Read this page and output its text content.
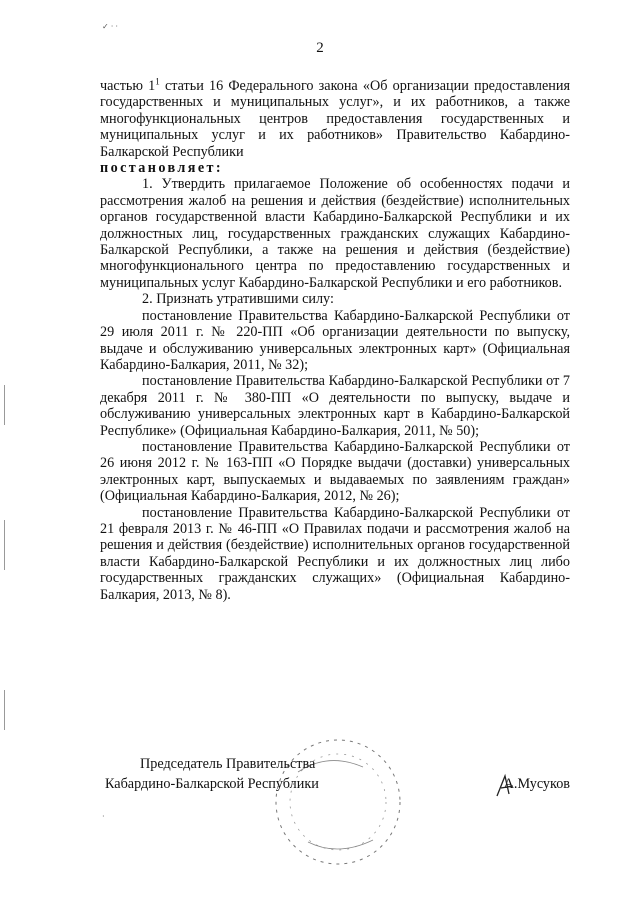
2

частью $1^1$ статьи 16 Федерального закона «Об организации предоставления государственных и муниципальных услуг», и их работников, а также многофункциональных центров предоставления государственных и муниципальных услуг и их работников» Правительство Кабардино-Балкарской Республики

постановляет:

1. Утвердить прилагаемое Положение об особенностях подачи и рассмотрения жалоб на решения и действия (бездействие) исполнительных органов государственной власти Кабардино-Балкарской Республики и их должностных лиц, государственных гражданских служащих Кабардино-Балкарской Республики, а также на решения и действия (бездействие) многофункционального центра по предоставлению государственных и муниципальных услуг Кабардино-Балкарской Республики и его работников.

2. Признать утратившими силу:

постановление Правительства Кабардино-Балкарской Республики от 29 июля 2011 г. № 220-ПП «Об организации деятельности по выпуску, выдаче и обслуживанию универсальных электронных карт» (Официальная Кабардино-Балкария, 2011, № 32);

постановление Правительства Кабардино-Балкарской Республики от 7 декабря 2011 г. № 380-ПП «О деятельности по выпуску, выдаче и обслуживанию универсальных электронных карт в Кабардино-Балкарской Республике» (Официальная Кабардино-Балкария, 2011, № 50);

постановление Правительства Кабардино-Балкарской Республики от 26 июня 2012 г. № 163-ПП «О Порядке выдачи (доставки) универсальных электронных карт, выпускаемых и выдаваемых по заявлениям граждан» (Официальная Кабардино-Балкария, 2012, № 26);

постановление Правительства Кабардино-Балкарской Республики от 21 февраля 2013 г. № 46-ПП «О Правилах подачи и рассмотрения жалоб на решения и действия (бездействие) исполнительных органов государственной власти Кабардино-Балкарской Республики и их должностных лиц либо государственных гражданских служащих» (Официальная Кабардино-Балкария, 2013, № 8).

Председатель Правительства
Кабардино-Балкарской Республики	А.Мусуков
✓ · ·
·
